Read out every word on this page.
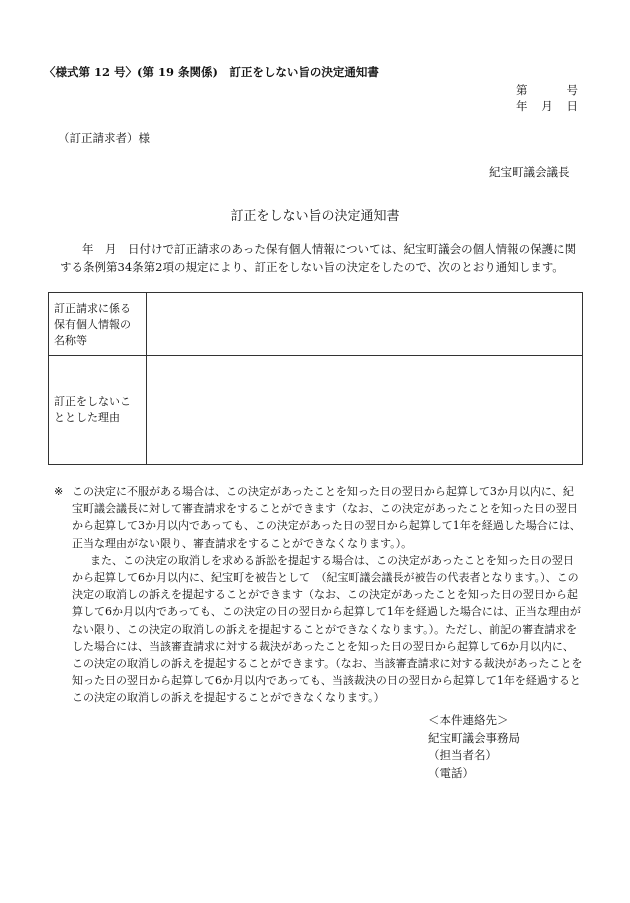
〈様式第 12 号〉(第 19 条関係)　訂正をしない旨の決定通知書
第	号
年 月 日
（訂正請求者）様
紀宝町議会議長
訂正をしない旨の決定通知書
年　月　日付けで訂正請求のあった保有個人情報については、紀宝町議会の個人情報の保護に関
する条例第34条第2項の規定により、訂正をしない旨の決定をしたので、次のとおり通知します。
訂正請求に係る
保有個人情報の
名称等	

訂正をしないこ
ととした理由	

※ この決定に不服がある場合は、この決定があったことを知った日の翌日から起算して3か月以内に、紀宝町議会議長に対して審査請求をすることができます（なお、この決定があったことを知った日の翌日から起算して3か月以内であっても、この決定があった日の翌日から起算して1年を経過した場合には、正当な理由がない限り、審査請求をすることができなくなります。）。

また、この決定の取消しを求める訴訟を提起する場合は、この決定があったことを知った日の翌日から起算して6か月以内に、紀宝町を被告として　（紀宝町議会議長が被告の代表者となります。）、この決定の取消しの訴えを提起することができます（なお、この決定があったことを知った日の翌日から起算して6か月以内であっても、この決定の日の翌日から起算して1年を経過した場合には、正当な理由がない限り、この決定の取消しの訴えを提起することができなくなります。）。ただし、前記の審査請求をした場合には、当該審査請求に対する裁決があったことを知った日の翌日から起算して6か月以内に、この決定の取消しの訴えを提起することができます。（なお、当該審査請求に対する裁決があったことを知った日の翌日から起算して6か月以内であっても、当該裁決の日の翌日から起算して1年を経過するとこの決定の取消しの訴えを提起することができなくなります。）

＜本件連絡先＞
紀宝町議会事務局
（担当者名）
（電話）
